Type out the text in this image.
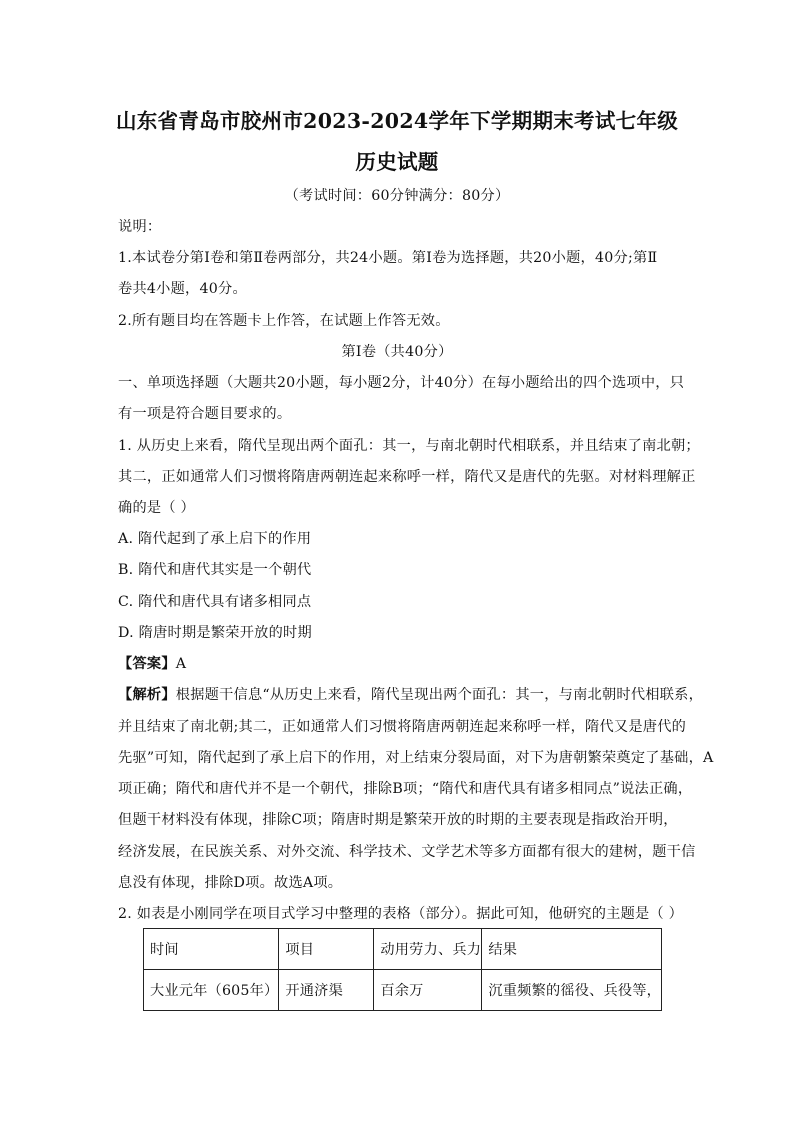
山东省青岛市胶州市2023-2024学年下学期期末考试七年级
历史试题
（考试时间：60分钟满分：80分）
说明：
1.本试卷分第Ⅰ卷和第Ⅱ卷两部分，共24小题。第Ⅰ卷为选择题，共20小题，40分;第Ⅱ
卷共4小题，40分。
2.所有题目均在答题卡上作答，在试题上作答无效。
第Ⅰ卷（共40分）
一、单项选择题（大题共20小题，每小题2分，计40分）在每小题给出的四个选项中，只
有一项是符合题目要求的。
1. 从历史上来看，隋代呈现出两个面孔：其一，与南北朝时代相联系，并且结束了南北朝；
其二，正如通常人们习惯将隋唐两朝连起来称呼一样，隋代又是唐代的先驱。对材料理解正
确的是（ ）
A. 隋代起到了承上启下的作用
B. 隋代和唐代其实是一个朝代
C. 隋代和唐代具有诸多相同点
D. 隋唐时期是繁荣开放的时期
【答案】A
【解析】根据题干信息“从历史上来看，隋代呈现出两个面孔：其一，与南北朝时代相联系，
并且结束了南北朝;其二，正如通常人们习惯将隋唐两朝连起来称呼一样，隋代又是唐代的
先驱”可知，隋代起到了承上启下的作用，对上结束分裂局面，对下为唐朝繁荣奠定了基础，A
项正确；隋代和唐代并不是一个朝代，排除B项；“隋代和唐代具有诸多相同点”说法正确，
但题干材料没有体现，排除C项；隋唐时期是繁荣开放的时期的主要表现是指政治开明，
经济发展，在民族关系、对外交流、科学技术、文学艺术等多方面都有很大的建树，题干信
息没有体现，排除D项。故选A项。
2. 如表是小刚同学在项目式学习中整理的表格（部分）。据此可知，他研究的主题是（ ）
时间	项目	动用劳力、兵力	结果
大业元年（605年）	开通济渠	百余万	沉重频繁的徭役、兵役等，
